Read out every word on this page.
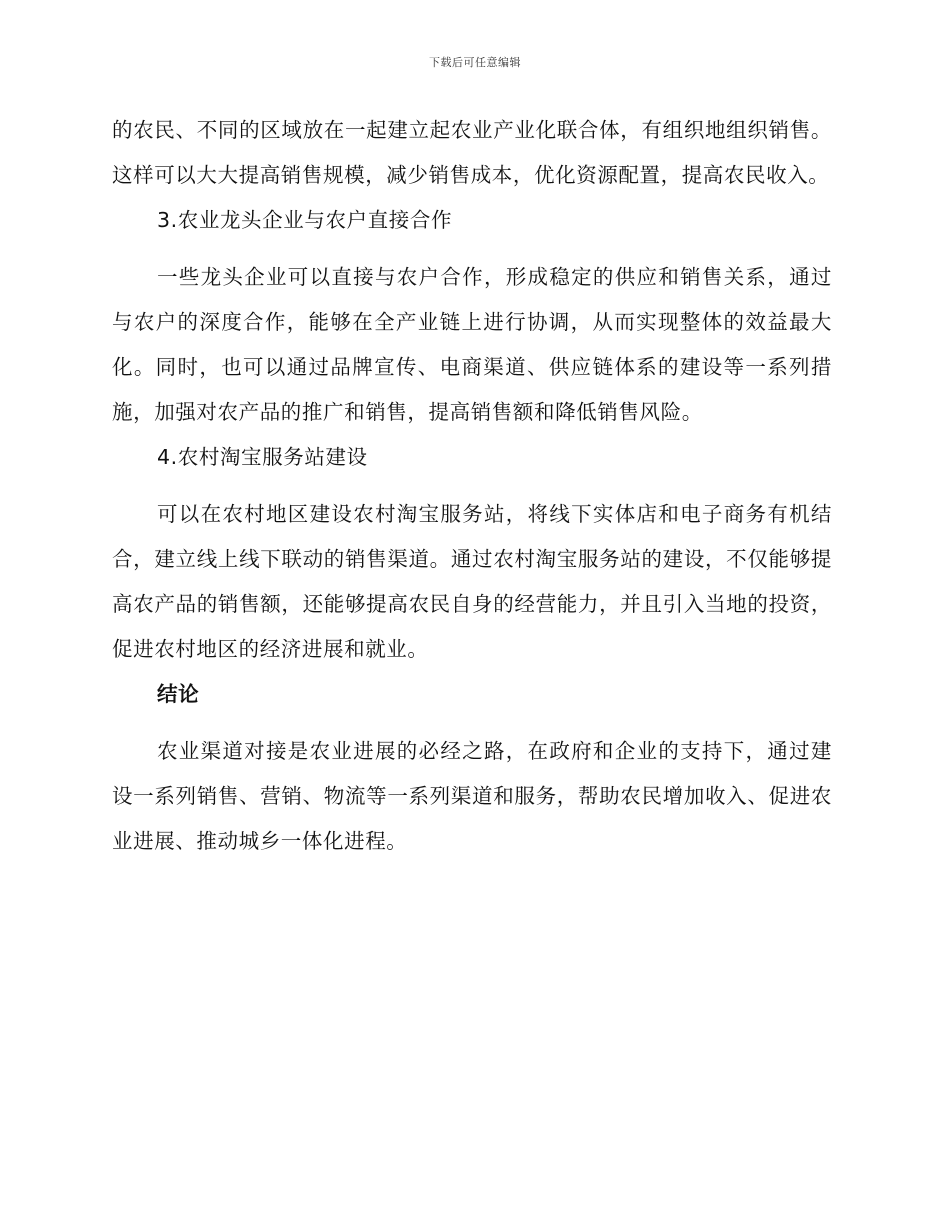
下载后可任意编辑

的农民、不同的区域放在一起建立起农业产业化联合体，有组织地组织销售。这样可以大大提高销售规模，减少销售成本，优化资源配置，提高农民收入。

3.农业龙头企业与农户直接合作

一些龙头企业可以直接与农户合作，形成稳定的供应和销售关系，通过与农户的深度合作，能够在全产业链上进行协调，从而实现整体的效益最大化。同时，也可以通过品牌宣传、电商渠道、供应链体系的建设等一系列措施，加强对农产品的推广和销售，提高销售额和降低销售风险。

4.农村淘宝服务站建设

可以在农村地区建设农村淘宝服务站，将线下实体店和电子商务有机结合，建立线上线下联动的销售渠道。通过农村淘宝服务站的建设，不仅能够提高农产品的销售额，还能够提高农民自身的经营能力，并且引入当地的投资，促进农村地区的经济进展和就业。

结论

农业渠道对接是农业进展的必经之路，在政府和企业的支持下，通过建设一系列销售、营销、物流等一系列渠道和服务，帮助农民增加收入、促进农业进展、推动城乡一体化进程。
